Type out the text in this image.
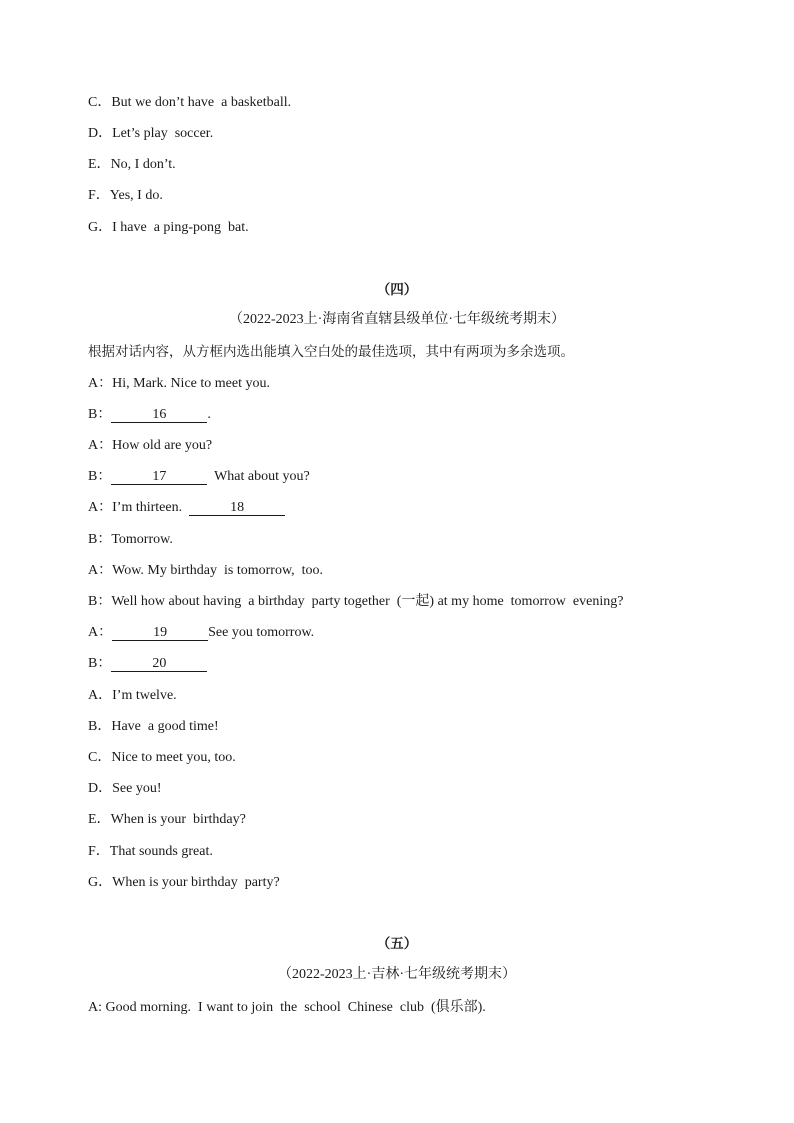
C．But we don’t have  a basketball.
D．Let’s play  soccer.
E．No, I don’t.
F．Yes, I do.
G．I have  a ping-pong  bat.
（四）
（2022-2023上·海南省直辖县级单位·七年级统考期末）
根据对话内容，从方框内选出能填入空白处的最佳选项，其中有两项为多余选项。
A：Hi, Mark. Nice to meet you.
B：	16	.
A：How old are you?
B：	17	What about you?
A：I’m thirteen.	18
B：Tomorrow.
A：Wow. My birthday  is tomorrow,  too.
B：Well how about having  a birthday  party together  (一起) at my home  tomorrow  evening?
A：	19	See you tomorrow.
B：	20
A．I’m twelve.
B．Have  a good time!
C．Nice to meet you, too.
D．See you!
E．When is your  birthday?
F．That sounds great.
G．When is your birthday  party?
（五）
（2022-2023上·吉林·七年级统考期末）
A: Good morning.  I want to join  the  school  Chinese  club  (俱乐部).
